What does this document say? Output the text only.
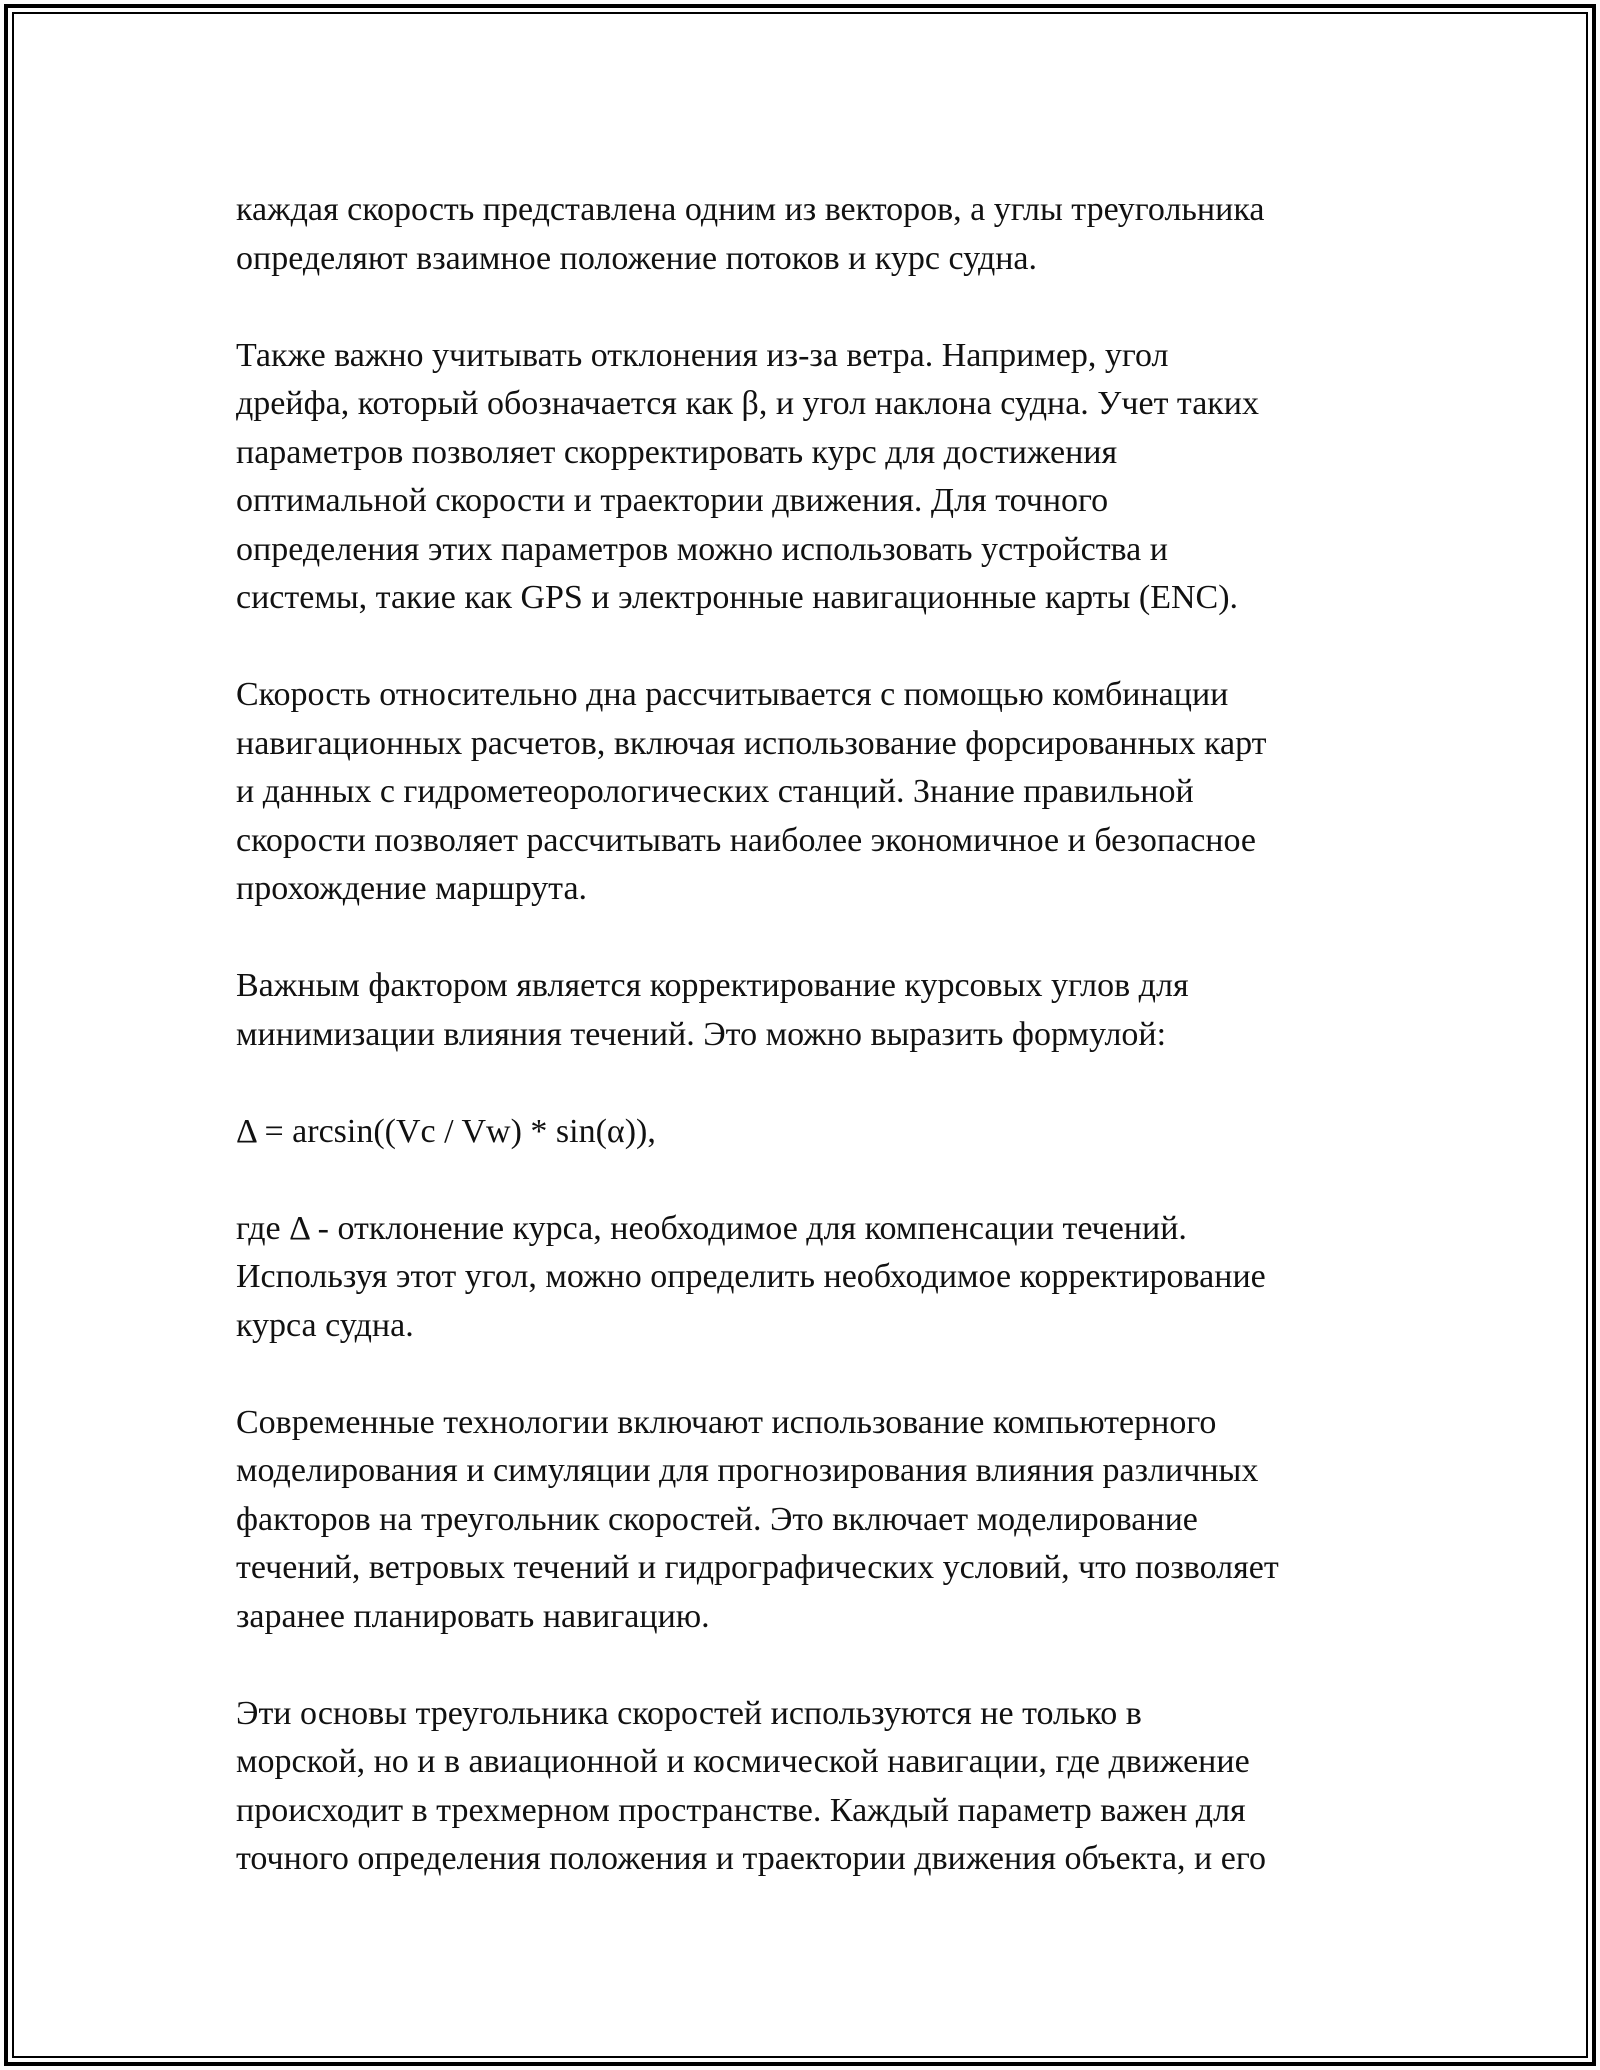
каждая скорость представлена одним из векторов, а углы треугольника
определяют взаимное положение потоков и курс судна.

Также важно учитывать отклонения из-за ветра. Например, угол
дрейфа, который обозначается как β, и угол наклона судна. Учет таких
параметров позволяет скорректировать курс для достижения
оптимальной скорости и траектории движения. Для точного
определения этих параметров можно использовать устройства и
системы, такие как GPS и электронные навигационные карты (ENC).

Скорость относительно дна рассчитывается с помощью комбинации
навигационных расчетов, включая использование форсированных карт
и данных с гидрометеорологических станций. Знание правильной
скорости позволяет рассчитывать наиболее экономичное и безопасное
прохождение маршрута.

Важным фактором является корректирование курсовых углов для
минимизации влияния течений. Это можно выразить формулой:

Δ = arcsin((Vc / Vw) * sin(α)),

где Δ - отклонение курса, необходимое для компенсации течений.
Используя этот угол, можно определить необходимое корректирование
курса судна.

Современные технологии включают использование компьютерного
моделирования и симуляции для прогнозирования влияния различных
факторов на треугольник скоростей. Это включает моделирование
течений, ветровых течений и гидрографических условий, что позволяет
заранее планировать навигацию.

Эти основы треугольника скоростей используются не только в
морской, но и в авиационной и космической навигации, где движение
происходит в трехмерном пространстве. Каждый параметр важен для
точного определения положения и траектории движения объекта, и его
